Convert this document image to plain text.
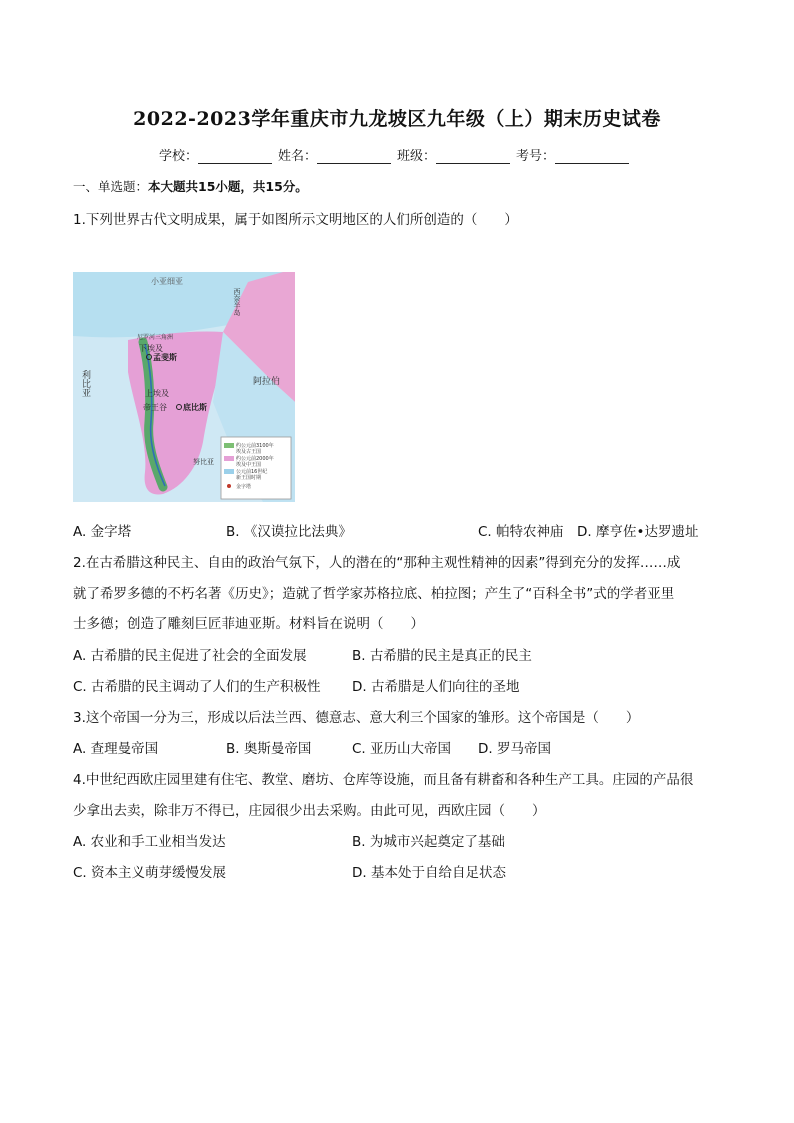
2022-2023学年重庆市九龙坡区九年级（上）期末历史试卷
学校：	姓名：	班级：	考号：
一、单选题：本大题共15小题，共15分。
1.下列世界古代文明成果，属于如图所示文明地区的人们所创造的（　　）
约公元前3100年
埃及古王国
约公元前2000年
埃及中王国
公元前16世纪
新王国时期
金字塔
小亚细亚
西奈半岛
尼罗河三角洲
利比亚
下埃及
孟斐斯
阿拉伯
上埃及
帝王谷 底比斯
努比亚
A. 金字塔	B. 《汉谟拉比法典》	C. 帕特农神庙 D. 摩亨佐•达罗遗址
2.在古希腊这种民主、自由的政治气氛下，人的潜在的“那种主观性精神的因素”得到充分的发挥……成
就了希罗多德的不朽名著《历史》；造就了哲学家苏格拉底、柏拉图；产生了“百科全书”式的学者亚里
士多德；创造了雕刻巨匠菲迪亚斯。材料旨在说明（　　）
A. 古希腊的民主促进了社会的全面发展	B. 古希腊的民主是真正的民主
C. 古希腊的民主调动了人们的生产积极性 D. 古希腊是人们向往的圣地
3.这个帝国一分为三，形成以后法兰西、德意志、意大利三个国家的雏形。这个帝国是（　　）
A. 查理曼帝国	B. 奥斯曼帝国	C. 亚历山大帝国 D. 罗马帝国
4.中世纪西欧庄园里建有住宅、教堂、磨坊、仓库等设施，而且备有耕畜和各种生产工具。庄园的产品很
少拿出去卖，除非万不得已，庄园很少出去采购。由此可见，西欧庄园（　　）
A. 农业和手工业相当发达	B. 为城市兴起奠定了基础
C. 资本主义萌芽缓慢发展	D. 基本处于自给自足状态
